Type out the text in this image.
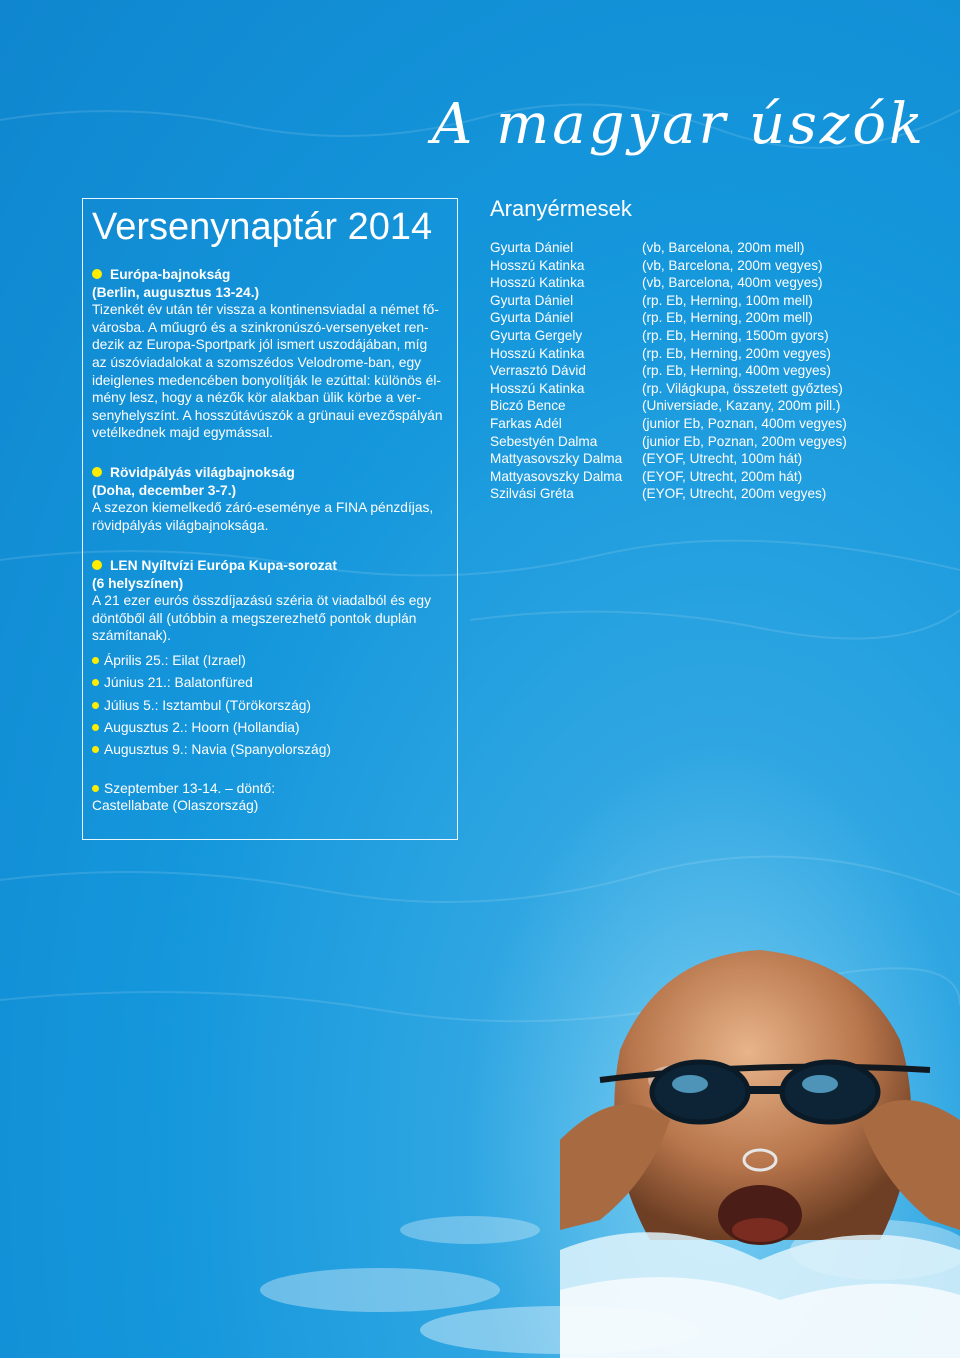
A magyar úszók
Versenynaptár 2014
Európa-bajnokság
(Berlin, augusztus 13-24.)
Tizenkét év után tér vissza a kontinensviadal a német fő-
városba. A műugró és a szinkronúszó-versenyeket ren-
dezik az Europa-Sportpark jól ismert uszodájában, míg
az úszóviadalokat a szomszédos Velodrome-ban, egy
ideiglenes medencében bonyolítják le ezúttal: különös él-
mény lesz, hogy a nézők kör alakban ülik körbe a ver-
senyhelyszínt. A hosszútávúszók a grünaui evezőspályán
vetélkednek majd egymással.
Rövidpályás világbajnokság
(Doha, december 3-7.)
A szezon kiemelkedő záró-eseménye a FINA pénzdíjas,
rövidpályás világbajnoksága.
LEN Nyíltvízi Európa Kupa-sorozat
(6 helyszínen)
A 21 ezer eurós összdíjazású széria öt viadalból és egy
döntőből áll (utóbbin a megszerezhető pontok duplán
számítanak).
Április 25.: Eilat (Izrael)
Június 21.: Balatonfüred
Július 5.: Isztambul (Törökország)
Augusztus 2.: Hoorn (Hollandia)
Augusztus 9.: Navia (Spanyolország)
Szeptember 13-14. – döntő:
Castellabate (Olaszország)
Aranyérmesek
Gyurta Dániel	(vb, Barcelona, 200m mell)
Hosszú Katinka	(vb, Barcelona, 200m vegyes)
Hosszú Katinka	(vb, Barcelona, 400m vegyes)
Gyurta Dániel	(rp. Eb, Herning, 100m mell)
Gyurta Dániel	(rp. Eb, Herning, 200m mell)
Gyurta Gergely	(rp. Eb, Herning, 1500m gyors)
Hosszú Katinka	(rp. Eb, Herning, 200m vegyes)
Verrasztó Dávid	(rp. Eb, Herning, 400m vegyes)
Hosszú Katinka	(rp. Világkupa, összetett győztes)
Biczó Bence	(Universiade, Kazany, 200m pill.)
Farkas Adél	(junior Eb, Poznan, 400m vegyes)
Sebestyén Dalma	(junior Eb, Poznan, 200m vegyes)
Mattyasovszky Dalma	(EYOF, Utrecht, 100m hát)
Mattyasovszky Dalma	(EYOF, Utrecht, 200m hát)
Szilvási Gréta	(EYOF, Utrecht, 200m vegyes)
